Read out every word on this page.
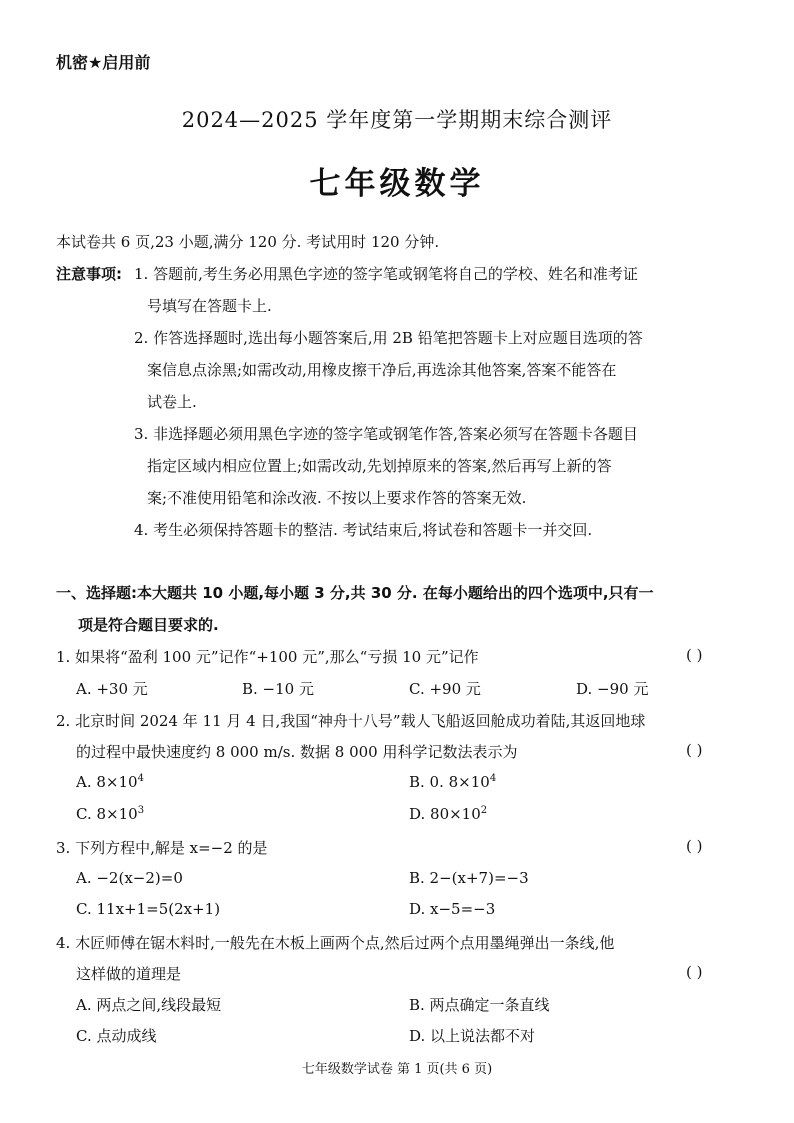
机密★启用前
2024—2025 学年度第一学期期末综合测评
七年级数学
本试卷共 6 页,23 小题,满分 120 分. 考试用时 120 分钟.
注意事项: 1. 答题前,考生务必用黑色字迹的签字笔或钢笔将自己的学校、姓名和准考证
号填写在答题卡上.
2. 作答选择题时,选出每小题答案后,用 2B 铅笔把答题卡上对应题目选项的答
案信息点涂黑;如需改动,用橡皮擦干净后,再选涂其他答案,答案不能答在
试卷上.
3. 非选择题必须用黑色字迹的签字笔或钢笔作答,答案必须写在答题卡各题目
指定区域内相应位置上;如需改动,先划掉原来的答案,然后再写上新的答
案;不准使用铅笔和涂改液. 不按以上要求作答的答案无效.
4. 考生必须保持答题卡的整洁. 考试结束后,将试卷和答题卡一并交回.
一、选择题:本大题共 10 小题,每小题 3 分,共 30 分. 在每小题给出的四个选项中,只有一
项是符合题目要求的.
1. 如果将“盈利 100 元”记作“+100 元”,那么“亏损 10 元”记作	( )
A. +30 元	B. −10 元	C. +90 元	D. −90 元
2. 北京时间 2024 年 11 月 4 日,我国“神舟十八号”载人飞船返回舱成功着陆,其返回地球
的过程中最快速度约 8 000 m/s. 数据 8 000 用科学记数法表示为	( )
A. $8\times 10^4$	B. 0. $8\times 10^4$
C. $8\times 10^3$	D. $80\times 10^2$
3. 下列方程中,解是 x=−2 的是	( )
A. −2(x−2)=0	B. 2−(x+7)=−3
C. 11x+1=5(2x+1)	D. x−5=−3
4. 木匠师傅在锯木料时,一般先在木板上画两个点,然后过两个点用墨绳弹出一条线,他
这样做的道理是	( )
A. 两点之间,线段最短	B. 两点确定一条直线
C. 点动成线	D. 以上说法都不对
七年级数学试卷 第 1 页(共 6 页)
